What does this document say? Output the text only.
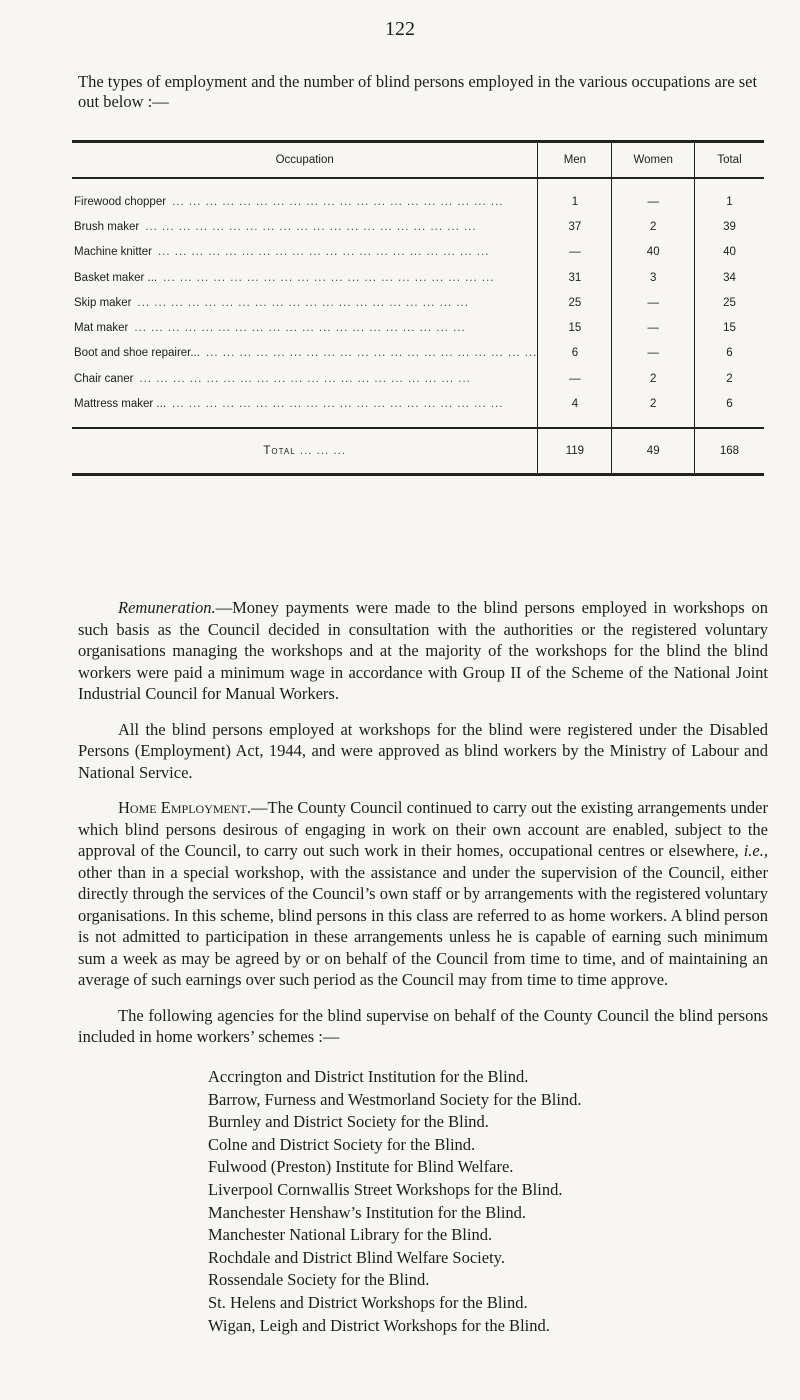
122
The types of employment and the number of blind persons employed in the various occupations are set out below :—
Occupation	Men	Women	Total

Firewood chopper ... ... ... ... ... ... ... ... ... ... ... ... ... ... ... ... ... ... ... ...	1	—	1

Brush maker ... ... ... ... ... ... ... ... ... ... ... ... ... ... ... ... ... ... ... ...	37	2	39

Machine knitter ... ... ... ... ... ... ... ... ... ... ... ... ... ... ... ... ... ... ... ...	—	40	40

Basket maker ... ... ... ... ... ... ... ... ... ... ... ... ... ... ... ... ... ... ... ... ...	31	3	34

Skip maker ... ... ... ... ... ... ... ... ... ... ... ... ... ... ... ... ... ... ... ...	25	—	25

Mat maker ... ... ... ... ... ... ... ... ... ... ... ... ... ... ... ... ... ... ... ...	15	—	15

Boot and shoe repairer... ... ... ... ... ... ... ... ... ... ... ... ... ... ... ... ... ... ... ... ...	6	—	6

Chair caner ... ... ... ... ... ... ... ... ... ... ... ... ... ... ... ... ... ... ... ...	—	2	2

Mattress maker ... ... ... ... ... ... ... ... ... ... ... ... ... ... ... ... ... ... ... ... ...	4	2	6
Total ... ... ...	119	49	168

Remuneration.—Money payments were made to the blind persons employed in workshops on such basis as the Council decided in consultation with the authorities or the registered voluntary organisations managing the workshops and at the majority of the workshops for the blind the blind workers were paid a minimum wage in accordance with Group II of the Scheme of the National Joint Industrial Council for Manual Workers.

All the blind persons employed at workshops for the blind were registered under the Disabled Persons (Employment) Act, 1944, and were approved as blind workers by the Ministry of Labour and National Service.

Home Employment.—The County Council continued to carry out the existing arrangements under which blind persons desirous of engaging in work on their own account are enabled, subject to the approval of the Council, to carry out such work in their homes, occupational centres or elsewhere, i.e., other than in a special workshop, with the assistance and under the supervision of the Council, either directly through the services of the Council’s own staff or by arrangements with the registered voluntary organisations. In this scheme, blind persons in this class are referred to as home workers. A blind person is not admitted to participation in these arrangements unless he is capable of earning such minimum sum a week as may be agreed by or on behalf of the Council from time to time, and of maintaining an average of such earnings over such period as the Council may from time to time approve.

The following agencies for the blind supervise on behalf of the County Council the blind persons included in home workers’ schemes :—

Accrington and District Institution for the Blind.
Barrow, Furness and Westmorland Society for the Blind.
Burnley and District Society for the Blind.
Colne and District Society for the Blind.
Fulwood (Preston) Institute for Blind Welfare.
Liverpool Cornwallis Street Workshops for the Blind.
Manchester Henshaw’s Institution for the Blind.
Manchester National Library for the Blind.
Rochdale and District Blind Welfare Society.
Rossendale Society for the Blind.
St. Helens and District Workshops for the Blind.
Wigan, Leigh and District Workshops for the Blind.
